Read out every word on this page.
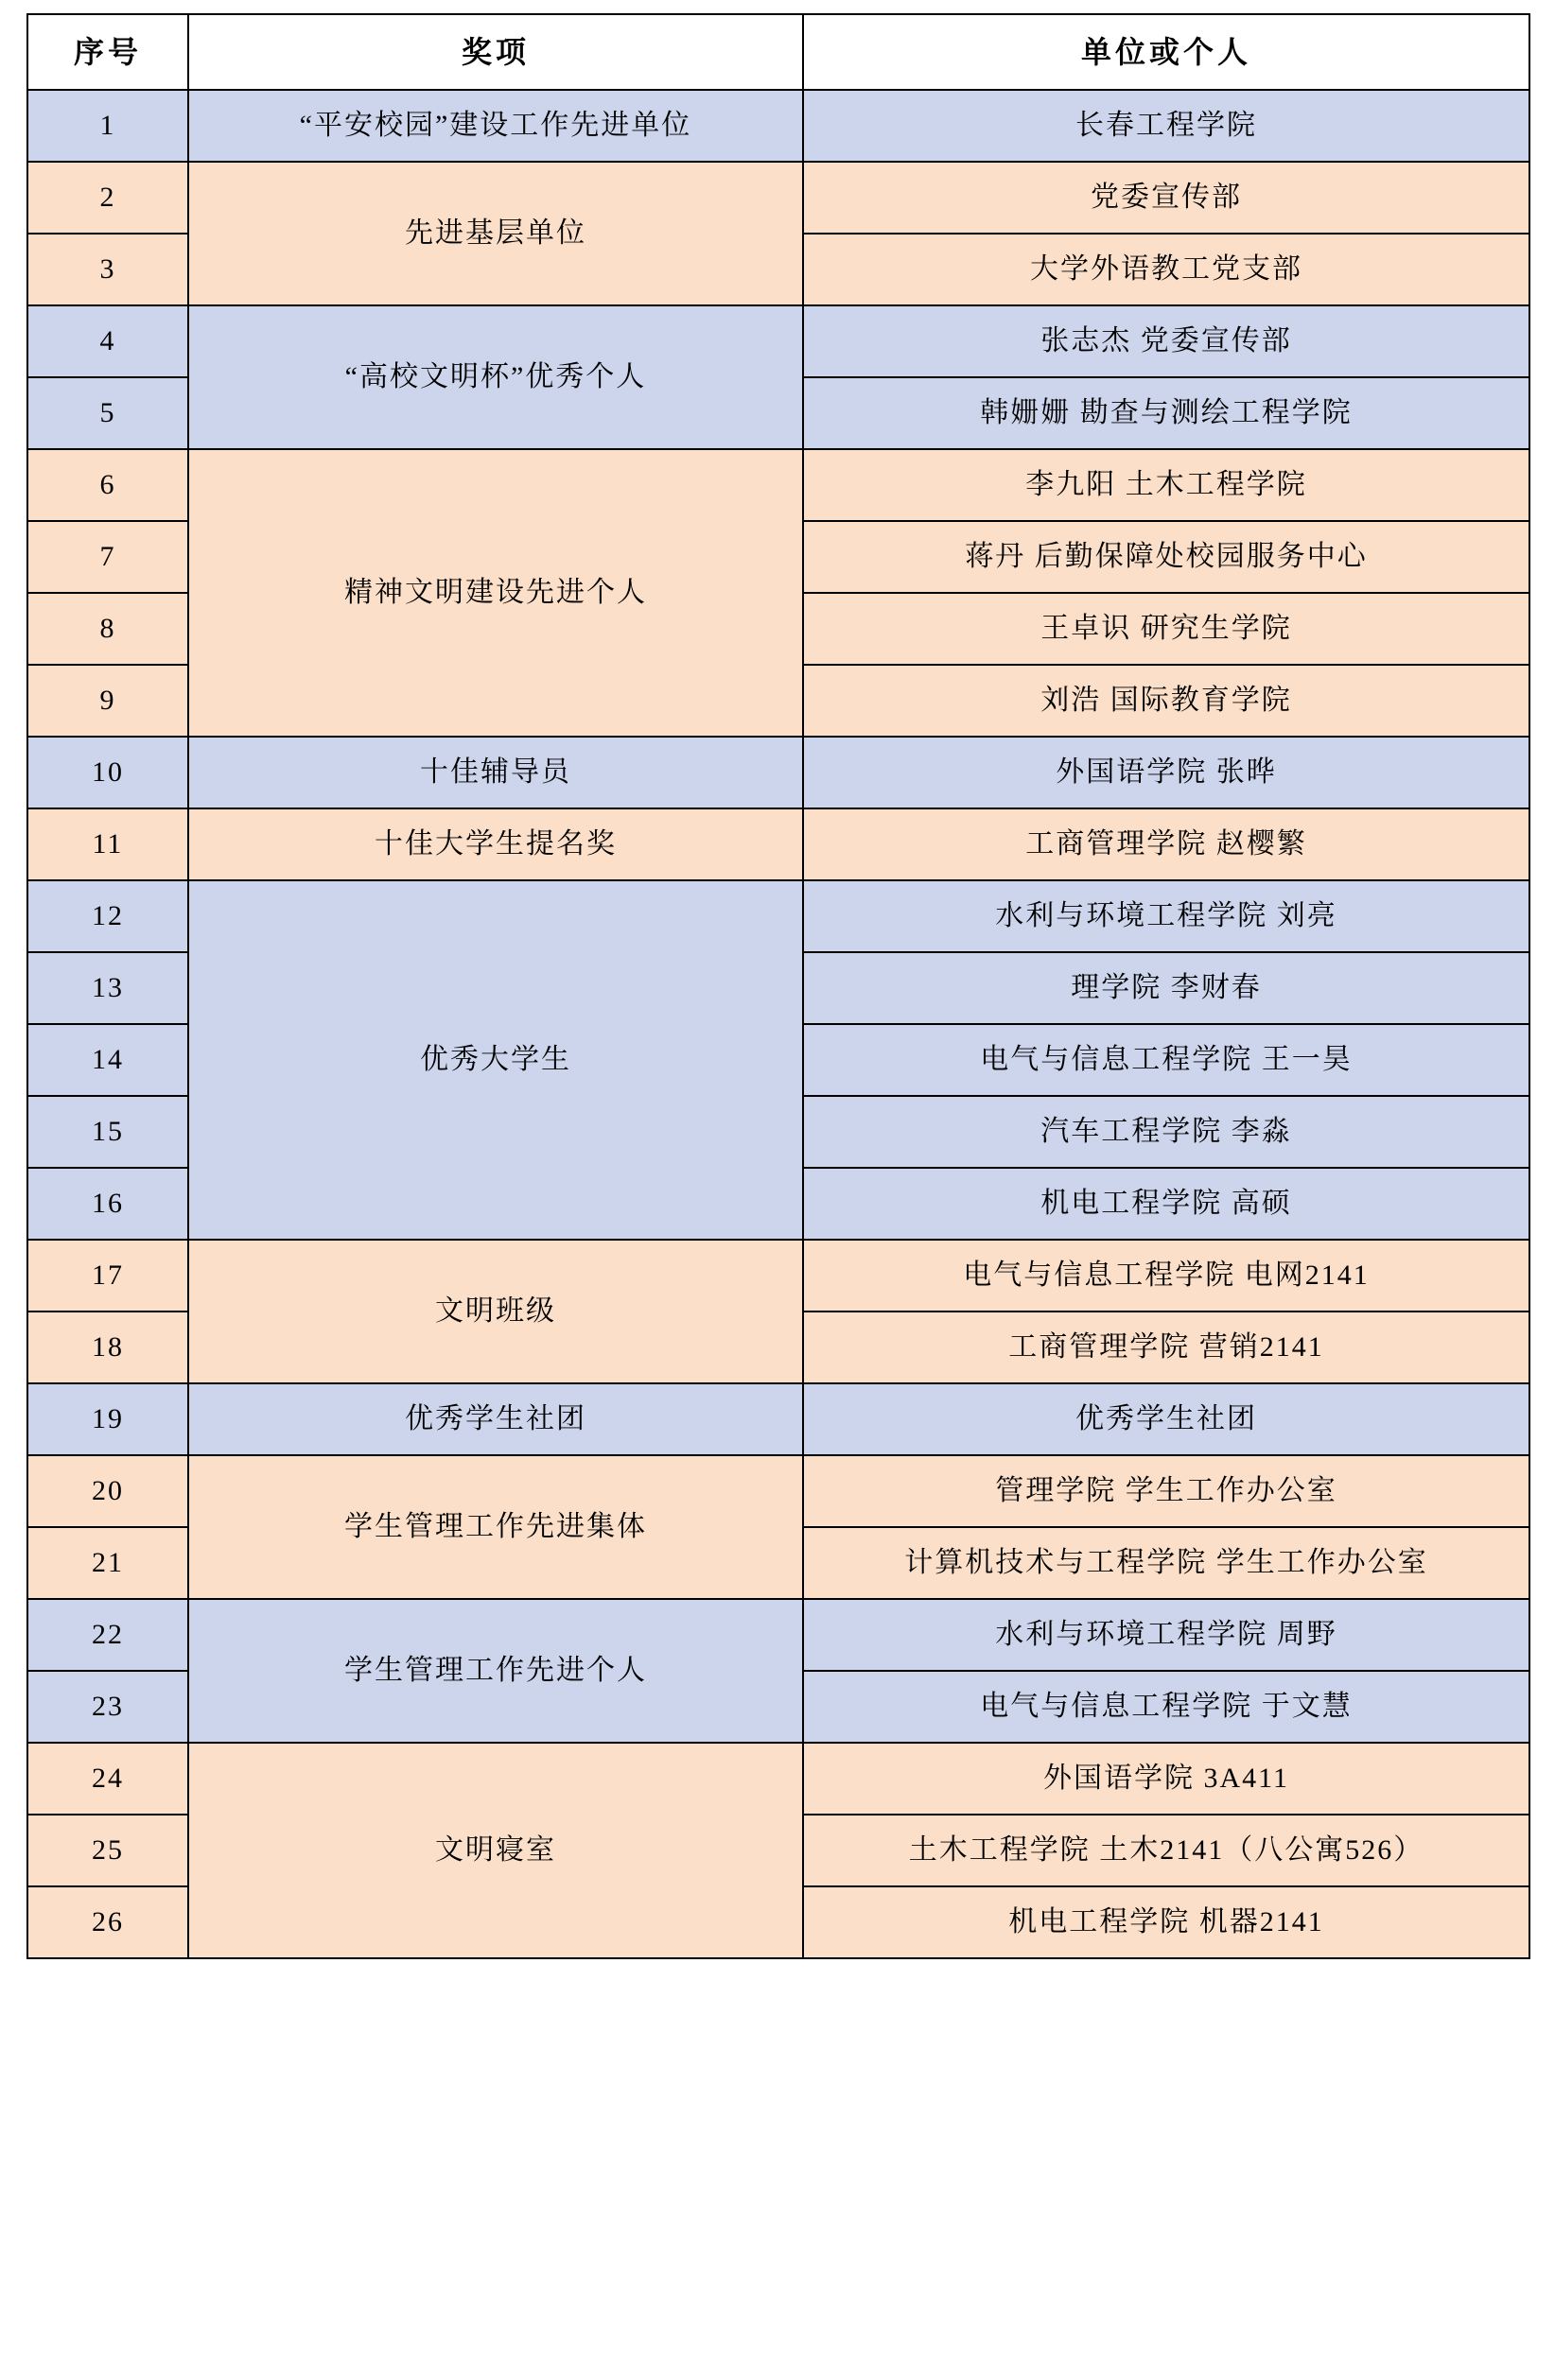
序号	奖项	单位或个人
1	“平安校园”建设工作先进单位	长春工程学院
2	先进基层单位	党委宣传部
3		大学外语教工党支部
4	“高校文明杯”优秀个人	张志杰 党委宣传部
5		韩姗姗 勘查与测绘工程学院
6	精神文明建设先进个人	李九阳 土木工程学院
7		蒋丹 后勤保障处校园服务中心
8		王卓识 研究生学院
9		刘浩 国际教育学院
10	十佳辅导员	外国语学院 张晔
11	十佳大学生提名奖	工商管理学院 赵樱繁
12	优秀大学生	水利与环境工程学院 刘亮
13		理学院 李财春
14		电气与信息工程学院 王一昊
15		汽车工程学院 李淼
16		机电工程学院 高硕
17	文明班级	电气与信息工程学院 电网2141
18		工商管理学院 营销2141
19	优秀学生社团	优秀学生社团
20	学生管理工作先进集体	管理学院 学生工作办公室
21		计算机技术与工程学院 学生工作办公室
22	学生管理工作先进个人	水利与环境工程学院 周野
23		电气与信息工程学院 于文慧
24	文明寝室	外国语学院 3A411
25		土木工程学院 土木2141（八公寓526）
26		机电工程学院 机器2141
